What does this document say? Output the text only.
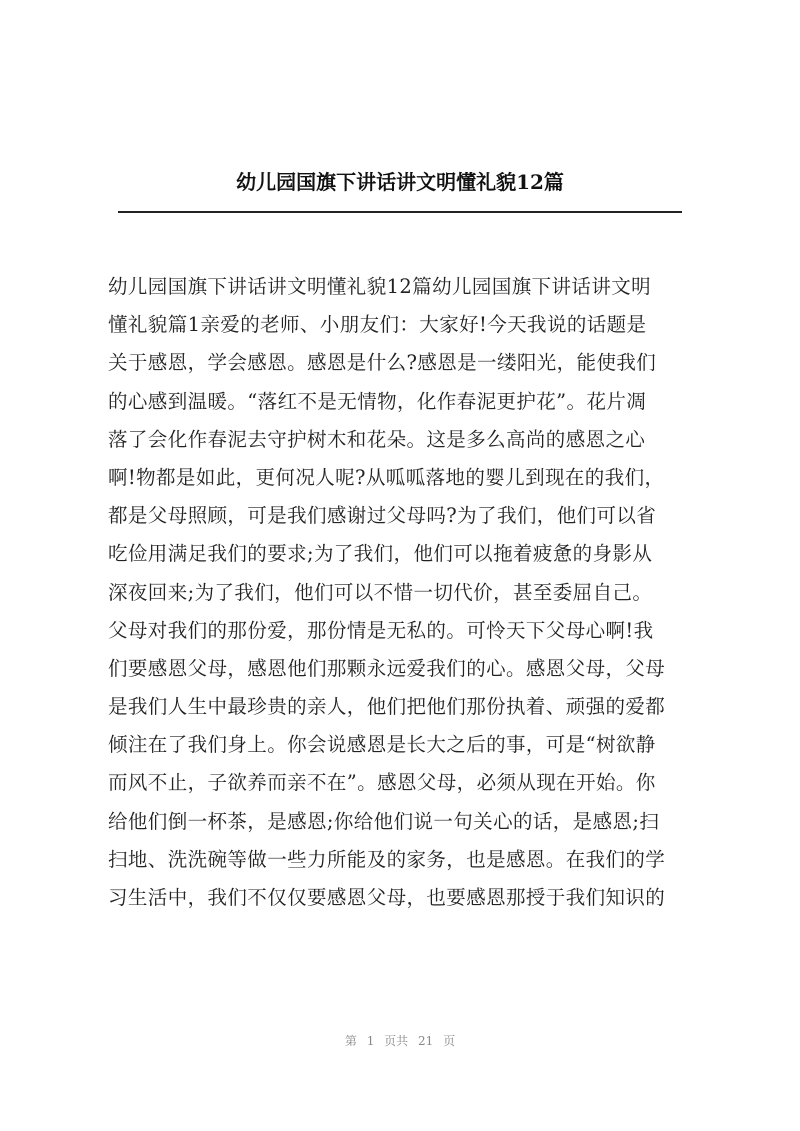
幼儿园国旗下讲话讲文明懂礼貌12篇
幼儿园国旗下讲话讲文明懂礼貌12篇幼儿园国旗下讲话讲文明
懂礼貌篇1亲爱的老师、小朋友们：大家好!今天我说的话题是
关于感恩，学会感恩。感恩是什么?感恩是一缕阳光，能使我们
的心感到温暖。“落红不是无情物，化作春泥更护花”。花片凋
落了会化作春泥去守护树木和花朵。这是多么高尚的感恩之心
啊!物都是如此，更何况人呢?从呱呱落地的婴儿到现在的我们，
都是父母照顾，可是我们感谢过父母吗?为了我们，他们可以省
吃俭用满足我们的要求;为了我们，他们可以拖着疲惫的身影从
深夜回来;为了我们，他们可以不惜一切代价，甚至委屈自己。
父母对我们的那份爱，那份情是无私的。可怜天下父母心啊!我
们要感恩父母，感恩他们那颗永远爱我们的心。感恩父母，父母
是我们人生中最珍贵的亲人，他们把他们那份执着、顽强的爱都
倾注在了我们身上。你会说感恩是长大之后的事，可是“树欲静
而风不止，子欲养而亲不在”。感恩父母，必须从现在开始。你
给他们倒一杯茶，是感恩;你给他们说一句关心的话，是感恩;扫
扫地、洗洗碗等做一些力所能及的家务，也是感恩。在我们的学
习生活中，我们不仅仅要感恩父母，也要感恩那授于我们知识的
第 1 页共 21 页
